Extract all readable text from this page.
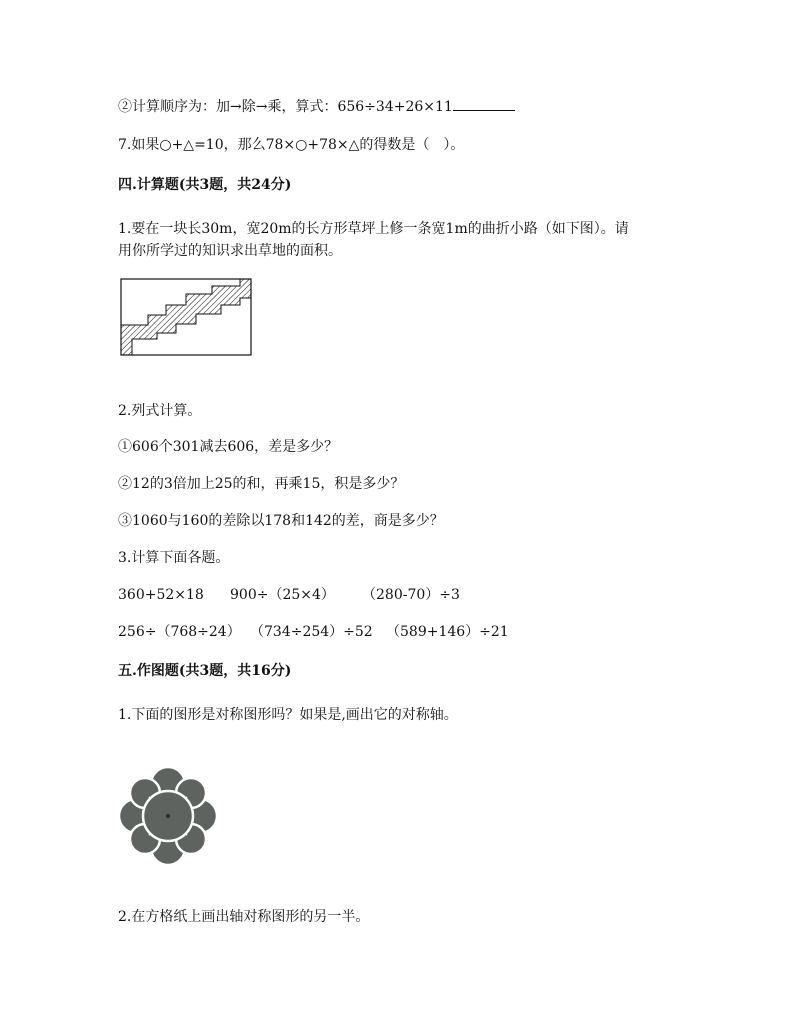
②计算顺序为：加→除→乘，算式：656÷34+26×11
7.如果○+△=10，那么78×○+78×△的得数是（　）。
四.计算题(共3题，共24分)
1.要在一块长30m，宽20m的长方形草坪上修一条宽1m的曲折小路（如下图）。请
用你所学过的知识求出草地的面积。
2.列式计算。
①606个301减去606，差是多少？
②12的3倍加上25的和，再乘15，积是多少？
③1060与160的差除以178和142的差，商是多少？
3.计算下面各题。
360+52×18 900÷（25×4） （280-70）÷3
256÷（768÷24） （734÷254）÷52 （589+146）÷21
五.作图题(共3题，共16分)
1.下面的图形是对称图形吗？如果是,画出它的对称轴。
2.在方格纸上画出轴对称图形的另一半。
